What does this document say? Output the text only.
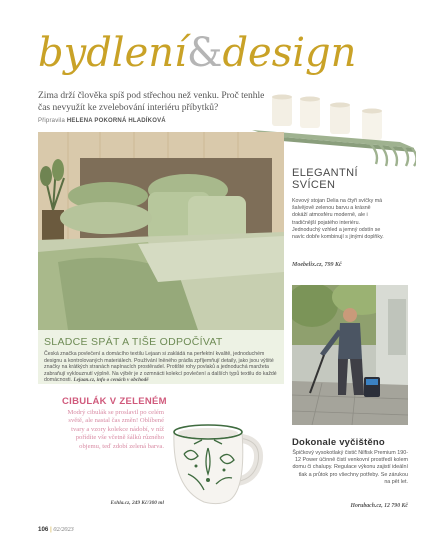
bydlení&design

Zima drží člověka spíš pod střechou než venku. Proč tenhle čas nevyužít ke zvelebování interiéru příbytků?

Připravila HELENA POKORNÁ HLADÍKOVÁ
ELEGANTNÍ
SVÍCEN

Kovový stojan Delia na čtyři svíčky má šalvějově zelenou barvu a krásně dokáží atmosféru moderně, ale i tradičnější pojatého interiéru. Jednoduchý vzhled a jemný odstín se navíc dobře kombinují s jinými doplňky.

Moebelix.cz, 799 Kč

SLADCE SPÁT A TIŠE ODPOČÍVAT

Česká značka povlečení a domácího textilu Lejaan si zakládá na perfektní kvalitě, jednoduchém designu a kontrolovaných materiálech. Používání lněného prádla zpříjemňují detaily, jako jsou výšité značky na krátkých stranách napínacích prostěradel. Protišté rohy povlaků a jednoduchá manžeta zabraňují vyklouznutí výplně. Na výběr je z ozmnácti kolekcí povlečení a dalších typů textilu do každé domácnosti. Lejaan.cz, info o cenách v obchodě

CIBULÁK V ZELENÉM

Modrý cibulák se proslavil po celém světě, ale nastal čas změn! Oblíbené tvary a vzory kolekce nádobí, v níž pořídíte vše včetně šálků různého objemu, teď zdobí zelená barva.

Eshla.cz, 249 Kč/300 ml

Dokonale vyčištěno

Špičkový vysokotlaký čistič Nilfisk Premium 190-12 Power účinně čistí venkovní prostředí kolem domu či chalupy. Regulace výkonu zajistí ideální tlak a průtok pro všechny potřeby. Se zárukou na pět let.

Horubach.cz, 12 790 Kč

106 | 02/2023
